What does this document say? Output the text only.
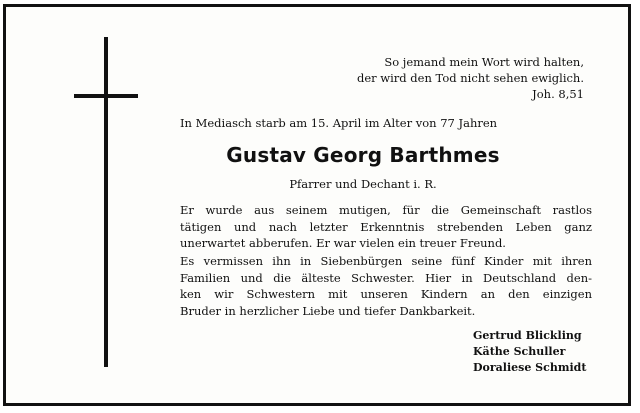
So jemand mein Wort wird halten,
der wird den Tod nicht sehen ewiglich.
Joh. 8,51
In Mediasch starb am 15. April im Alter von 77 Jahren
Gustav Georg Barthmes
Pfarrer und Dechant i. R.
Er wurde aus seinem mutigen, für die Gemeinschaft rastlos
tätigen und nach letzter Erkenntnis strebenden Leben ganz
unerwartet abberufen. Er war vielen ein treuer Freund.
Es vermissen ihn in Siebenbürgen seine fünf Kinder mit ihren
Familien und die älteste Schwester. Hier in Deutschland den-
ken wir Schwestern mit unseren Kindern an den einzigen
Bruder in herzlicher Liebe und tiefer Dankbarkeit.
Gertrud Blickling
Käthe Schuller
Doraliese Schmidt
